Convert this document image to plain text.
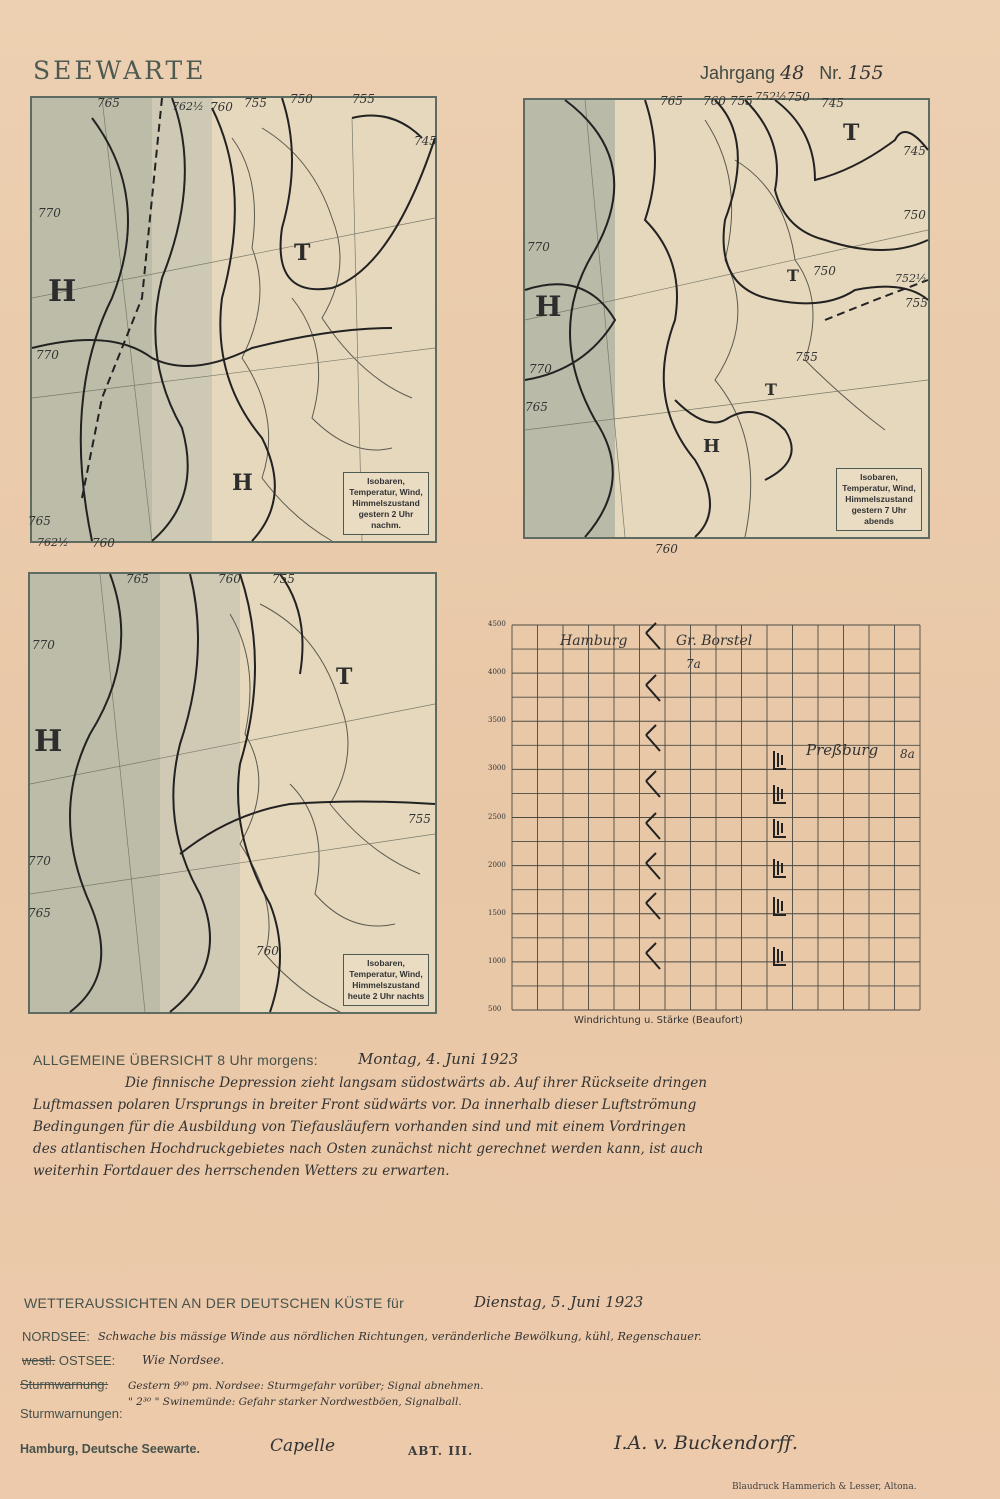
SEEWARTE	Jahrgang 48 Nr. 155
765	762½ 760 755 750	755
745
770
770
760
765
762½
H
T
H	Isobaren,
Temperatur, Wind,
Himmelszustand
gestern 2 Uhr nachm.
765 760 755 752½ 750 745
745
750
752½
755
770
770
765
760
755
750
H
T
T
T
H
Isobaren,
Temperatur, Wind,
Himmelszustand
gestern 7 Uhr abends
765	760	755
770
770
765
755
760
H
T
Isobaren,
Temperatur, Wind,
Himmelszustand
heute 2 Uhr nachts
4500
4000
3500
3000
2500
2000
1500
1000
500
Hamburg	Gr. Borstel
7a
Preßburg 8a
Windrichtung u. Stärke (Beaufort)
ALLGEMEINE ÜBERSICHT 8 Uhr morgens:	Montag, 4. Juni 1923
Die finnische Depression zieht langsam südostwärts ab. Auf ihrer Rückseite dringen
Luftmassen polaren Ursprungs in breiter Front südwärts vor. Da innerhalb dieser Luftströmung
Bedingungen für die Ausbildung von Tiefausläufern vorhanden sind und mit einem Vordringen
des atlantischen Hochdruckgebietes nach Osten zunächst nicht gerechnet werden kann, ist auch
weiterhin Fortdauer des herrschenden Wetters zu erwarten.
WETTERAUSSICHTEN AN DER DEUTSCHEN KÜSTE für	Dienstag, 5. Juni 1923
NORDSEE: Schwache bis mässige Winde aus nördlichen Richtungen, veränderliche Bewölkung, kühl, Regenschauer.
westl. OSTSEE: Wie Nordsee.
Sturmwarnung: Gestern 9⁰⁰ pm. Nordsee: Sturmgefahr vorüber; Signal abnehmen.
" 2³⁰ " Swinemünde: Gefahr starker Nordwestböen, Signalball.
Sturmwarnungen:
Hamburg, Deutsche Seewarte.	Capelle	ABT. III.	I.A. v. Buckendorff.
Blaudruck Hammerich & Lesser, Altona.
